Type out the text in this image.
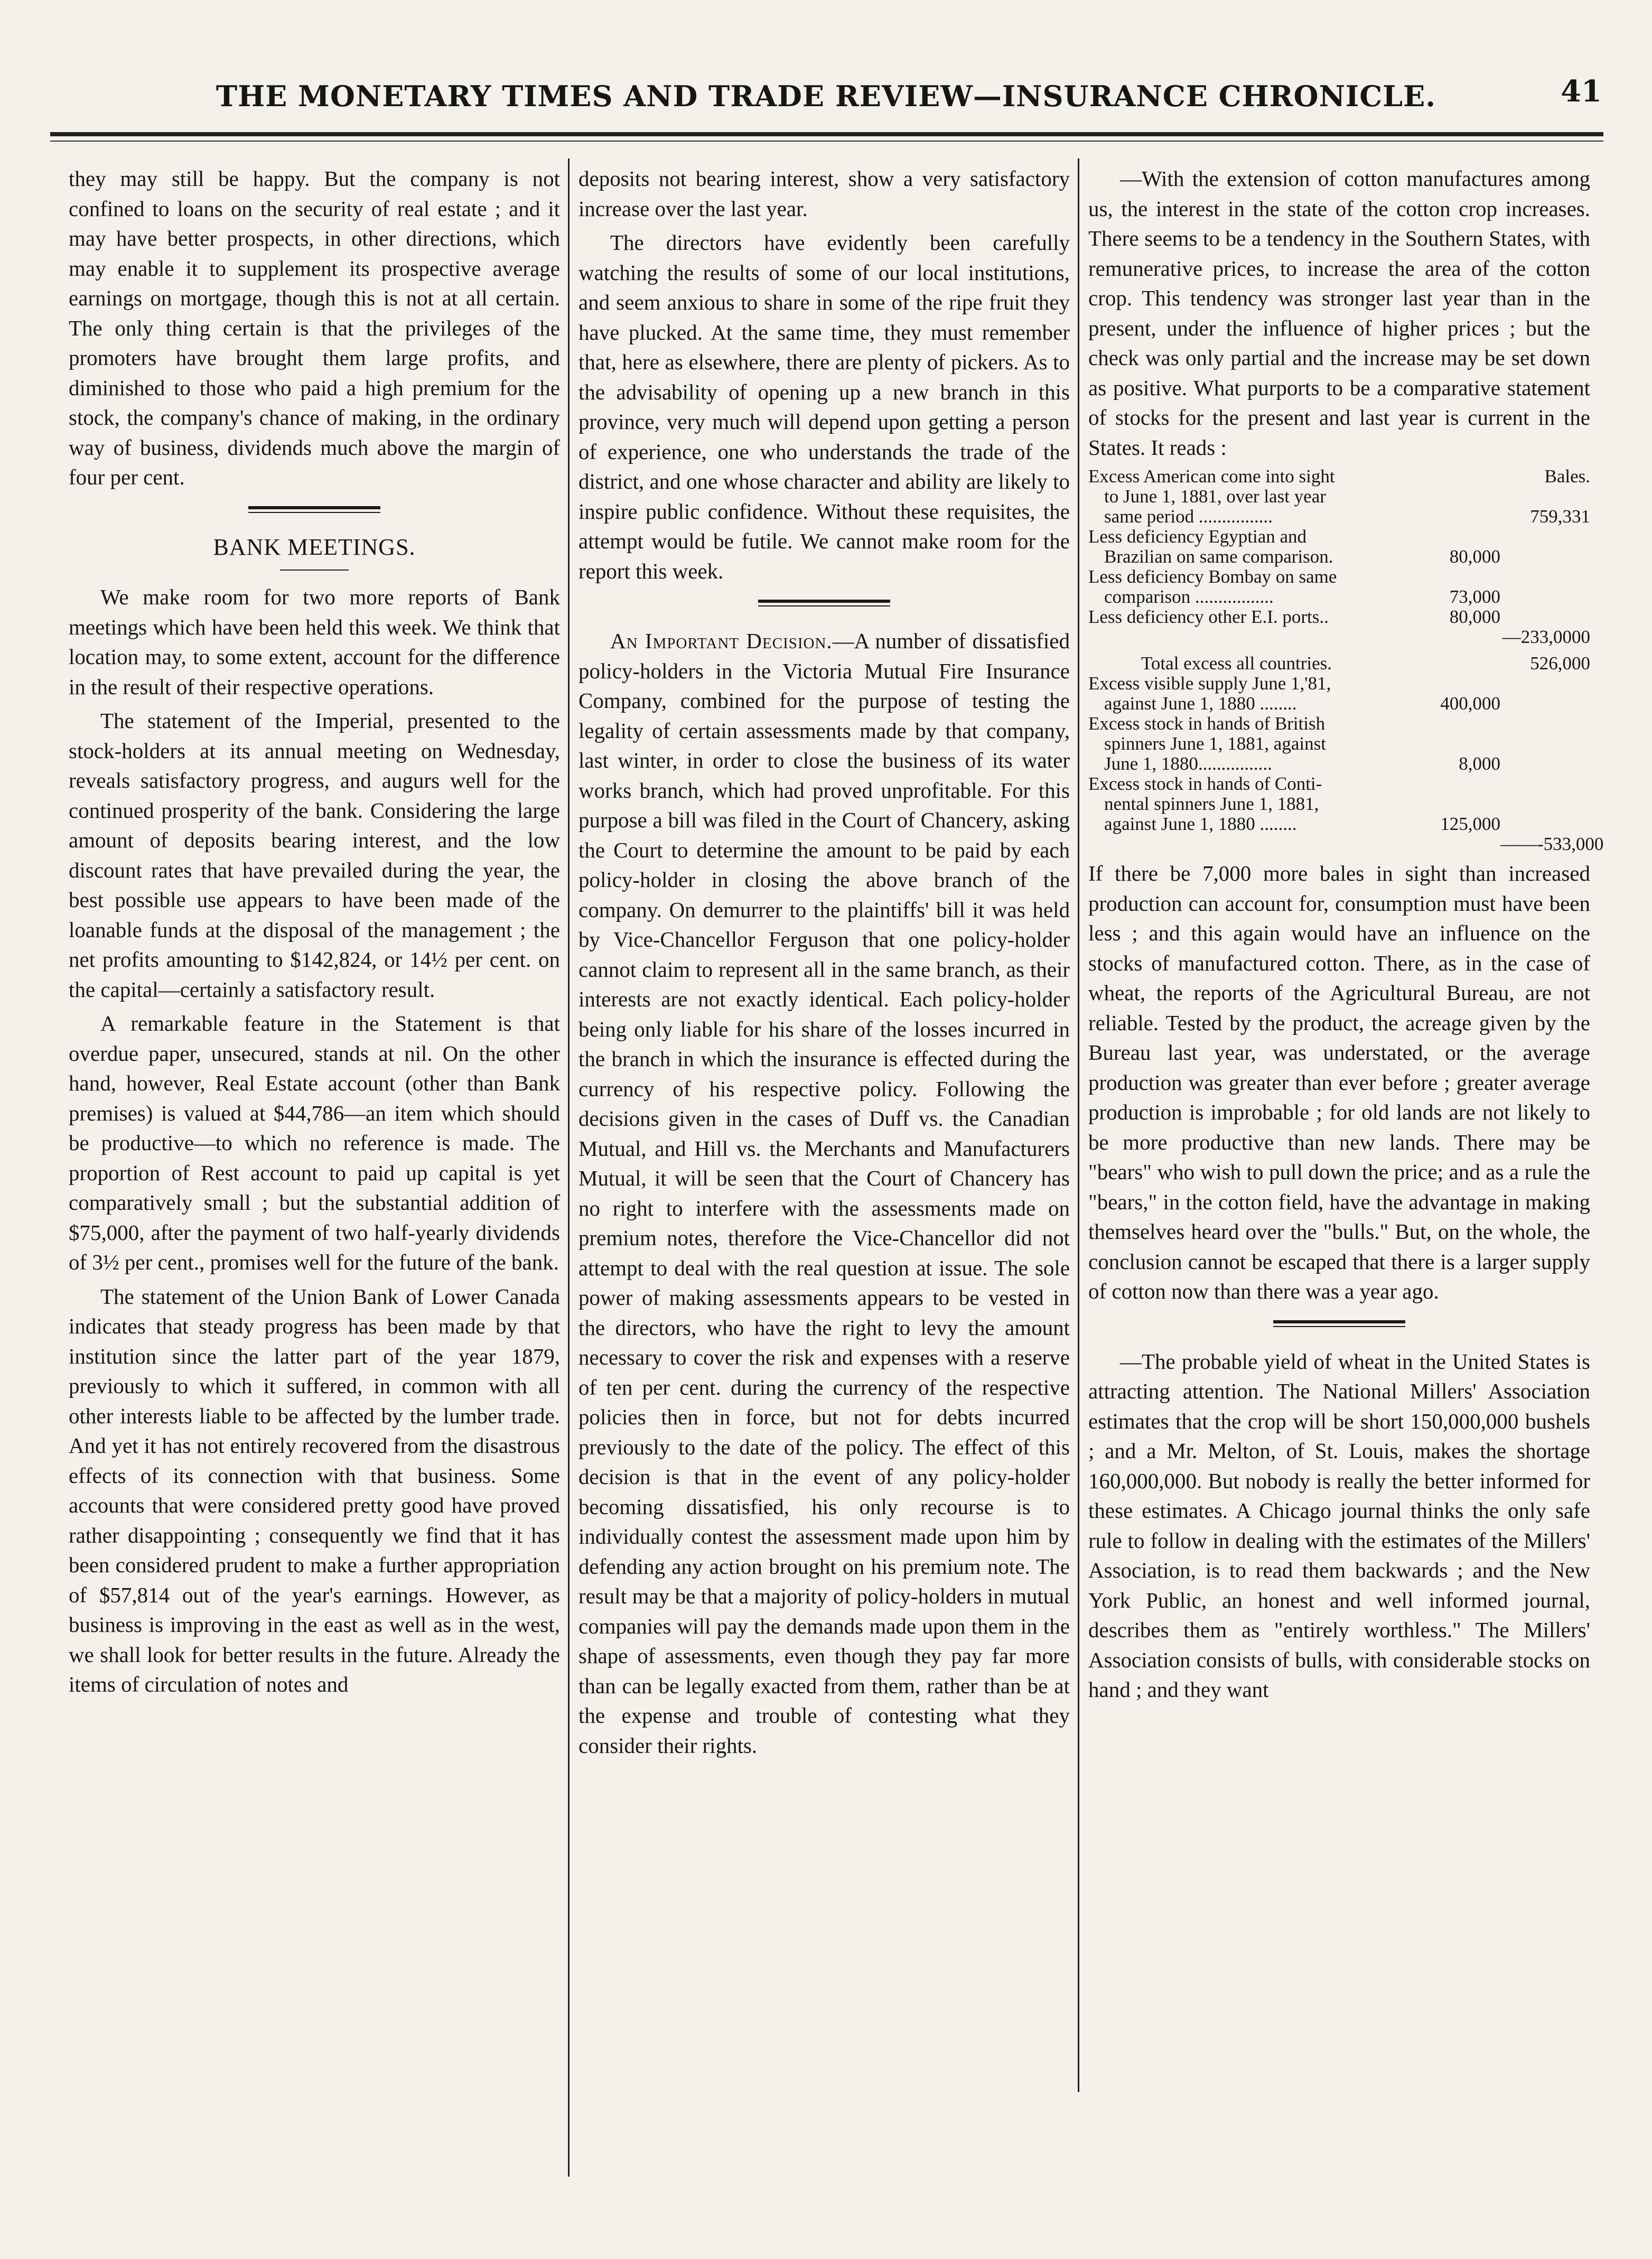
THE MONETARY TIMES AND TRADE REVIEW—INSURANCE CHRONICLE.	41

they may still be happy. But the company is not confined to loans on the security of real estate ; and it may have better prospects, in other directions, which may enable it to supplement its prospective average earnings on mortgage, though this is not at all certain. The only thing certain is that the privileges of the promoters have brought them large profits, and diminished to those who paid a high premium for the stock, the company's chance of making, in the ordinary way of business, dividends much above the margin of four per cent.

BANK MEETINGS.

We make room for two more reports of Bank meetings which have been held this week. We think that location may, to some extent, account for the difference in the result of their respective operations.

The statement of the Imperial, presented to the stock-holders at its annual meeting on Wednesday, reveals satisfactory progress, and augurs well for the continued prosperity of the bank. Considering the large amount of deposits bearing interest, and the low discount rates that have prevailed during the year, the best possible use appears to have been made of the loanable funds at the disposal of the management ; the net profits amounting to $142,824, or 14½ per cent. on the capital—certainly a satisfactory result.

A remarkable feature in the Statement is that overdue paper, unsecured, stands at nil. On the other hand, however, Real Estate account (other than Bank premises) is valued at $44,786—an item which should be productive—to which no reference is made. The proportion of Rest account to paid up capital is yet comparatively small ; but the substantial addition of $75,000, after the payment of two half-yearly dividends of 3½ per cent., promises well for the future of the bank.

The statement of the Union Bank of Lower Canada indicates that steady progress has been made by that institution since the latter part of the year 1879, previously to which it suffered, in common with all other interests liable to be affected by the lumber trade. And yet it has not entirely recovered from the disastrous effects of its connection with that business. Some accounts that were considered pretty good have proved rather disappointing ; consequently we find that it has been considered prudent to make a further appropriation of $57,814 out of the year's earnings. However, as business is improving in the east as well as in the west, we shall look for better results in the future. Already the items of circulation of notes and

deposits not bearing interest, show a very satisfactory increase over the last year.

The directors have evidently been carefully watching the results of some of our local institutions, and seem anxious to share in some of the ripe fruit they have plucked. At the same time, they must remember that, here as elsewhere, there are plenty of pickers. As to the advisability of opening up a new branch in this province, very much will depend upon getting a person of experience, one who understands the trade of the district, and one whose character and ability are likely to inspire public confidence. Without these requisites, the attempt would be futile. We cannot make room for the report this week.

An Important Decision.—A number of dissatisfied policy-holders in the Victoria Mutual Fire Insurance Company, combined for the purpose of testing the legality of certain assessments made by that company, last winter, in order to close the business of its water works branch, which had proved unprofitable. For this purpose a bill was filed in the Court of Chancery, asking the Court to determine the amount to be paid by each policy-holder in closing the above branch of the company. On demurrer to the plaintiffs' bill it was held by Vice-Chancellor Ferguson that one policy-holder cannot claim to represent all in the same branch, as their interests are not exactly identical. Each policy-holder being only liable for his share of the losses incurred in the branch in which the insurance is effected during the currency of his respective policy. Following the decisions given in the cases of Duff vs. the Canadian Mutual, and Hill vs. the Merchants and Manufacturers Mutual, it will be seen that the Court of Chancery has no right to interfere with the assessments made on premium notes, therefore the Vice-Chancellor did not attempt to deal with the real question at issue. The sole power of making assessments appears to be vested in the directors, who have the right to levy the amount necessary to cover the risk and expenses with a reserve of ten per cent. during the currency of the respective policies then in force, but not for debts incurred previously to the date of the policy. The effect of this decision is that in the event of any policy-holder becoming dissatisfied, his only recourse is to individually contest the assessment made upon him by defending any action brought on his premium note. The result may be that a majority of policy-holders in mutual companies will pay the demands made upon them in the shape of assessments, even though they pay far more than can be legally exacted from them, rather than be at the expense and trouble of contesting what they consider their rights.

—With the extension of cotton manufactures among us, the interest in the state of the cotton crop increases. There seems to be a tendency in the Southern States, with remunerative prices, to increase the area of the cotton crop. This tendency was stronger last year than in the present, under the influence of higher prices ; but the check was only partial and the increase may be set down as positive. What purports to be a comparative statement of stocks for the present and last year is current in the States. It reads :

Excess American come into sight	Bales.
to June 1, 1881, over last year
same period ................	759,331
Less deficiency Egyptian and
Brazilian on same comparison.	80,000
Less deficiency Bombay on same
comparison .................	73,000
Less deficiency other E.I. ports..	80,000
—233,0000
Total excess all countries.	526,000
Excess visible supply June 1,'81,
against June 1, 1880 ........	400,000
Excess stock in hands of British
spinners June 1, 1881, against
June 1, 1880................	8,000
Excess stock in hands of Conti-
nental spinners June 1, 1881,
against June 1, 1880 ........	125,000
——-533,000

If there be 7,000 more bales in sight than increased production can account for, consumption must have been less ; and this again would have an influence on the stocks of manufactured cotton. There, as in the case of wheat, the reports of the Agricultural Bureau, are not reliable. Tested by the product, the acreage given by the Bureau last year, was understated, or the average production was greater than ever before ; greater average production is improbable ; for old lands are not likely to be more productive than new lands. There may be "bears" who wish to pull down the price; and as a rule the "bears," in the cotton field, have the advantage in making themselves heard over the "bulls." But, on the whole, the conclusion cannot be escaped that there is a larger supply of cotton now than there was a year ago.

—The probable yield of wheat in the United States is attracting attention. The National Millers' Association estimates that the crop will be short 150,000,000 bushels ; and a Mr. Melton, of St. Louis, makes the shortage 160,000,000. But nobody is really the better informed for these estimates. A Chicago journal thinks the only safe rule to follow in dealing with the estimates of the Millers' Association, is to read them backwards ; and the New York Public, an honest and well informed journal, describes them as "entirely worthless." The Millers' Association consists of bulls, with considerable stocks on hand ; and they want
